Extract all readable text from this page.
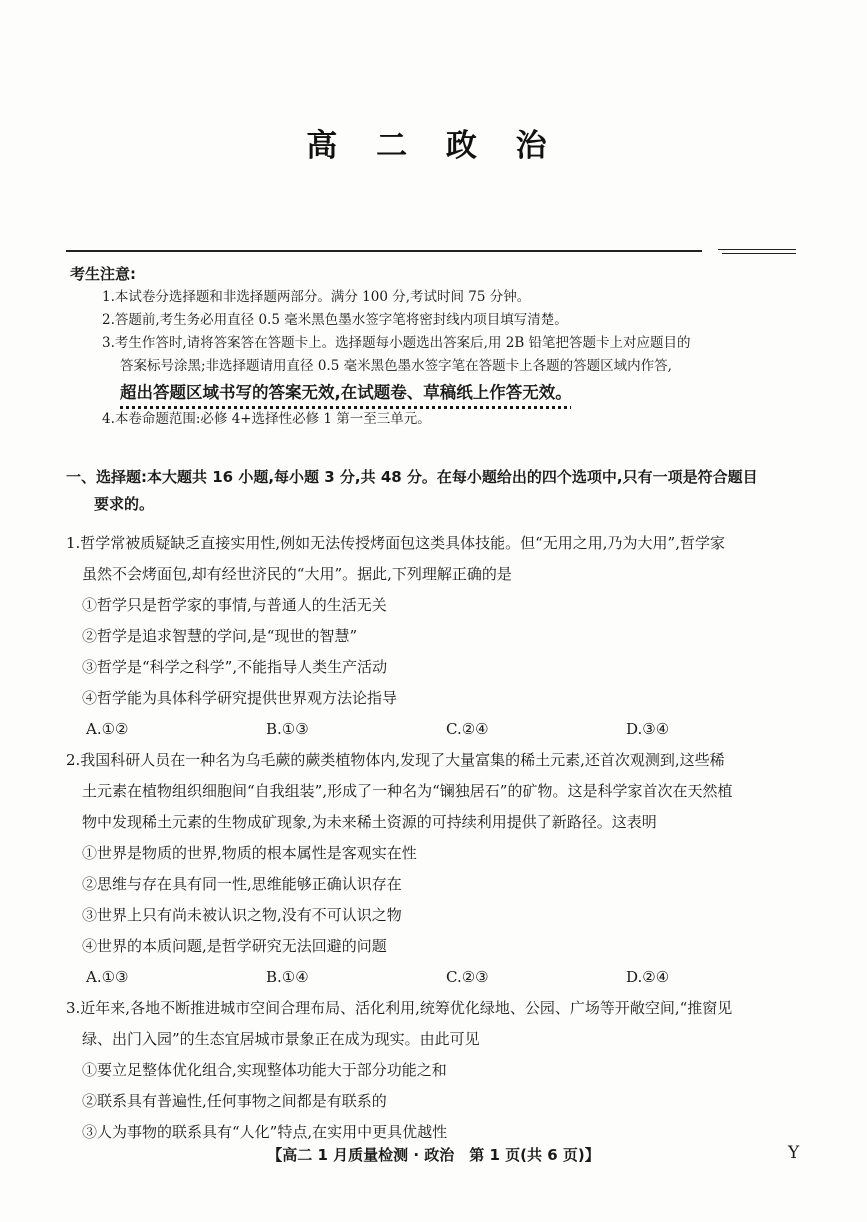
高 二 政 治
考生注意:
1.本试卷分选择题和非选择题两部分。满分 100 分,考试时间 75 分钟。
2.答题前,考生务必用直径 0.5 毫米黑色墨水签字笔将密封线内项目填写清楚。
3.考生作答时,请将答案答在答题卡上。选择题每小题选出答案后,用 2B 铅笔把答题卡上对应题目的
答案标号涂黑;非选择题请用直径 0.5 毫米黑色墨水签字笔在答题卡上各题的答题区域内作答,
超出答题区域书写的答案无效,在试题卷、草稿纸上作答无效。
4.本卷命题范围:必修 4+选择性必修 1 第一至三单元。
一、选择题:本大题共 16 小题,每小题 3 分,共 48 分。在每小题给出的四个选项中,只有一项是符合题目
要求的。
1.哲学常被质疑缺乏直接实用性,例如无法传授烤面包这类具体技能。但“无用之用,乃为大用”,哲学家
虽然不会烤面包,却有经世济民的“大用”。据此,下列理解正确的是
①哲学只是哲学家的事情,与普通人的生活无关
②哲学是追求智慧的学问,是“现世的智慧”
③哲学是“科学之科学”,不能指导人类生产活动
④哲学能为具体科学研究提供世界观方法论指导
A.①②	B.①③	C.②④	D.③④
2.我国科研人员在一种名为乌毛蕨的蕨类植物体内,发现了大量富集的稀土元素,还首次观测到,这些稀
土元素在植物组织细胞间“自我组装”,形成了一种名为“镧独居石”的矿物。这是科学家首次在天然植
物中发现稀土元素的生物成矿现象,为未来稀土资源的可持续利用提供了新路径。这表明
①世界是物质的世界,物质的根本属性是客观实在性
②思维与存在具有同一性,思维能够正确认识存在
③世界上只有尚未被认识之物,没有不可认识之物
④世界的本质问题,是哲学研究无法回避的问题
A.①③	B.①④	C.②③	D.②④
3.近年来,各地不断推进城市空间合理布局、活化利用,统筹优化绿地、公园、广场等开敞空间,“推窗见
绿、出门入园”的生态宜居城市景象正在成为现实。由此可见
①要立足整体优化组合,实现整体功能大于部分功能之和
②联系具有普遍性,任何事物之间都是有联系的
③人为事物的联系具有“人化”特点,在实用中更具优越性
【高二 1 月质量检测 · 政治　第 1 页(共 6 页)】	Y
